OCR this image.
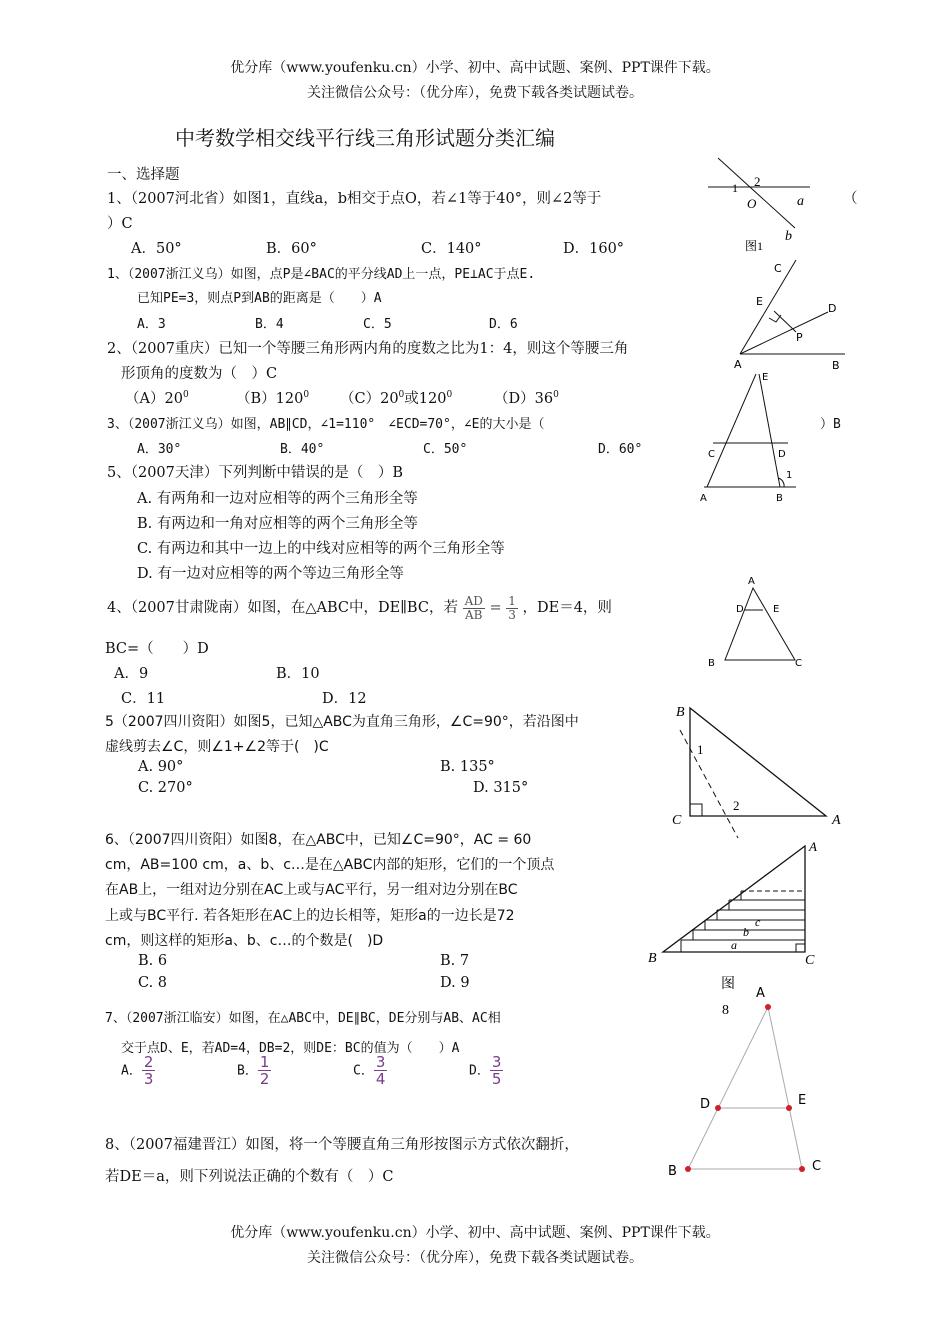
优分库（www.youfenku.cn）小学、初中、高中试题、案例、PPT课件下载。
关注微信公众号：（优分库），免费下载各类试题试卷。
中考数学相交线平行线三角形试题分类汇编
一、选择题
1、（2007河北省）如图1，直线a，b相交于点O，若∠1等于40°，则∠2等于	（
）C
A．50°	B．60°	C．140°	D．160°
1、（2007浙江义乌）如图，点P是∠BAC的平分线AD上一点，PE⊥AC于点E.
已知PE=3，则点P到AB的距离是（　　）A
A．3	B．4	C．5	D．6
2、（2007重庆）已知一个等腰三角形两内角的度数之比为1：4，则这个等腰三角
形顶角的度数为（　）C
$(A)20^0$	$(B)120^0$ $(C)20^0$或$120^0$	$(D)36^0$
3、（2007浙江义乌）如图，AB∥CD，∠1=110°　∠ECD=70°，∠E的大小是（	）B
A．30°	B．40°	C．50°	D．60°
5、（2007天津）下列判断中错误的是（　）B
A. 有两角和一边对应相等的两个三角形全等
B. 有两边和一角对应相等的两个三角形全等
C. 有两边和其中一边上的中线对应相等的两个三角形全等
D. 有一边对应相等的两个等边三角形全等
4、（2007甘肃陇南）如图，在△ABC中，DE∥BC，若 $\frac{AD}{AB} = \frac{1}{3}$ ，DE＝4，则
BC=（　　）D
A．9	B．10
C．11	D．12
5（2007四川资阳）如图5，已知△ABC为直角三角形，∠C=90°，若沿图中
虚线剪去∠C，则∠1+∠2等于(　)C
A. 90°	B. 135°
C. 270°	D. 315°
6、（2007四川资阳）如图8，在△ABC中，已知∠C=90°，AC = 60
cm，AB=100 cm，a、b、c…是在△ABC内部的矩形，它们的一个顶点
在AB上，一组对边分别在AC上或与AC平行，另一组对边分别在BC
上或与BC平行. 若各矩形在AC上的边长相等，矩形a的一边长是72
cm，则这样的矩形a、b、c…的个数是(　)D
B. 6	B. 7
C. 8	D. 9
7、（2007浙江临安）如图，在△ABC中，DE∥BC，DE分别与AB、AC相
交于点D、E，若AD=4，DB=2，则DE：BC的值为（　　）A
A． $\frac{2}{3}$	B． $\frac{1}{2}$	C． $\frac{3}{4}$	D． $\frac{3}{5}$
8、（2007福建晋江）如图，将一个等腰直角三角形按图示方式依次翻折，
若DE＝a，则下列说法正确的个数有（　）C
优分库（www.youfenku.cn）小学、初中、高中试题、案例、PPT课件下载。
关注微信公众号：（优分库），免费下载各类试题试卷。
1 2
O	a
b
图1
C
E
D
P
A	B
E
C	D
1
A	B
A
D	E
B	C
B
1
2
C	A
A
c
b
a
B	C
图
8
A
D	E
B	C
